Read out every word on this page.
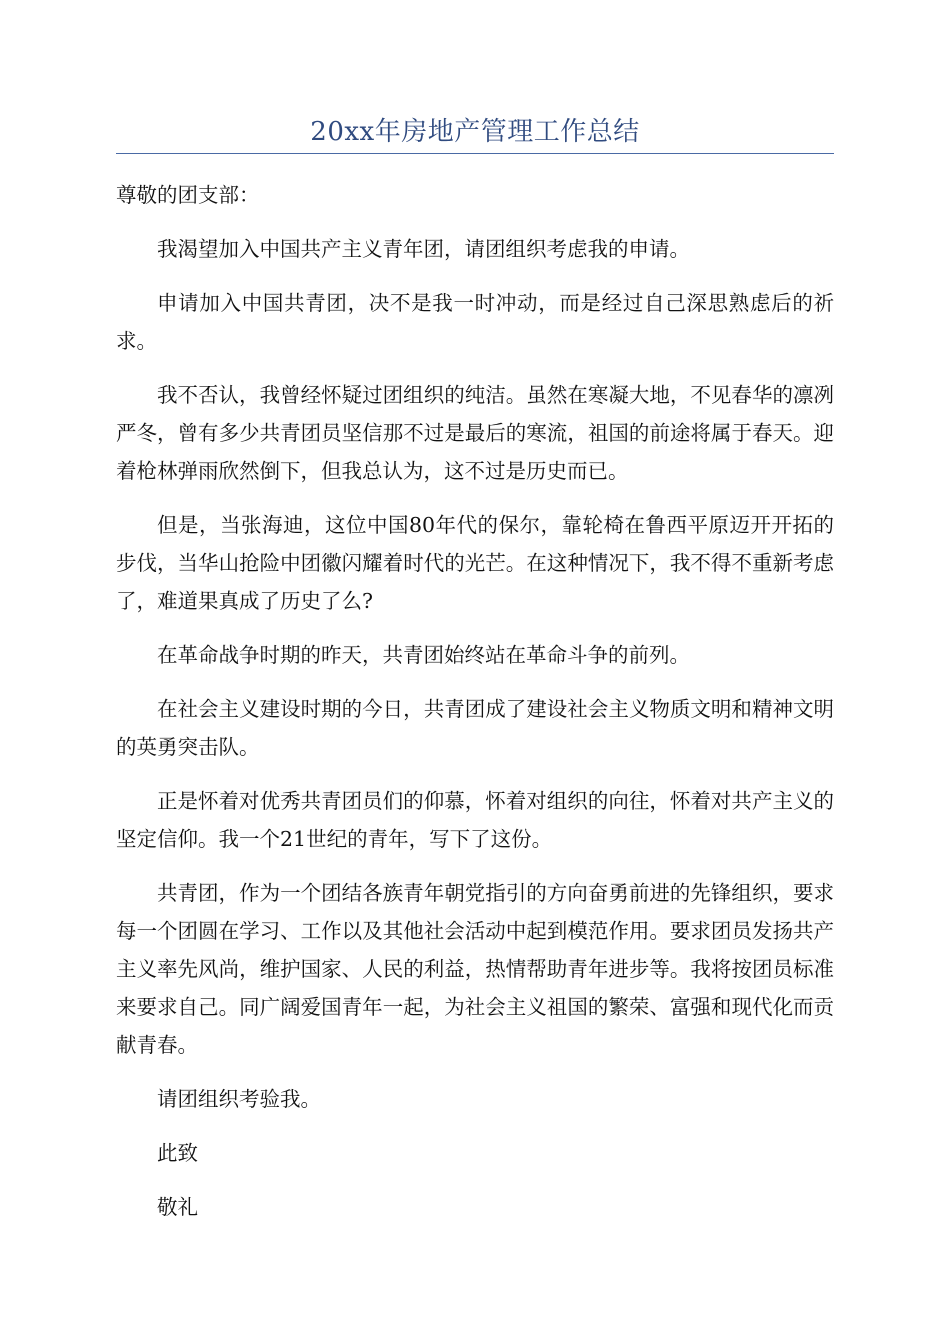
20xx年房地产管理工作总结

尊敬的团支部：

我渴望加入中国共产主义青年团，请团组织考虑我的申请。

申请加入中国共青团，决不是我一时冲动，而是经过自己深思熟虑后的祈求。

我不否认，我曾经怀疑过团组织的纯洁。虽然在寒凝大地，不见春华的凛冽严冬，曾有多少共青团员坚信那不过是最后的寒流，祖国的前途将属于春天。迎着枪林弹雨欣然倒下，但我总认为，这不过是历史而已。

但是，当张海迪，这位中国80年代的保尔，靠轮椅在鲁西平原迈开开拓的步伐，当华山抢险中团徽闪耀着时代的光芒。在这种情况下，我不得不重新考虑了，难道果真成了历史了么?

在革命战争时期的昨天，共青团始终站在革命斗争的前列。

在社会主义建设时期的今日，共青团成了建设社会主义物质文明和精神文明的英勇突击队。

正是怀着对优秀共青团员们的仰慕，怀着对组织的向往，怀着对共产主义的坚定信仰。我一个21世纪的青年，写下了这份。

共青团，作为一个团结各族青年朝党指引的方向奋勇前进的先锋组织，要求每一个团圆在学习、工作以及其他社会活动中起到模范作用。要求团员发扬共产主义率先风尚，维护国家、人民的利益，热情帮助青年进步等。我将按团员标准来要求自己。同广阔爱国青年一起，为社会主义祖国的繁荣、富强和现代化而贡献青春。

请团组织考验我。

此致

敬礼
